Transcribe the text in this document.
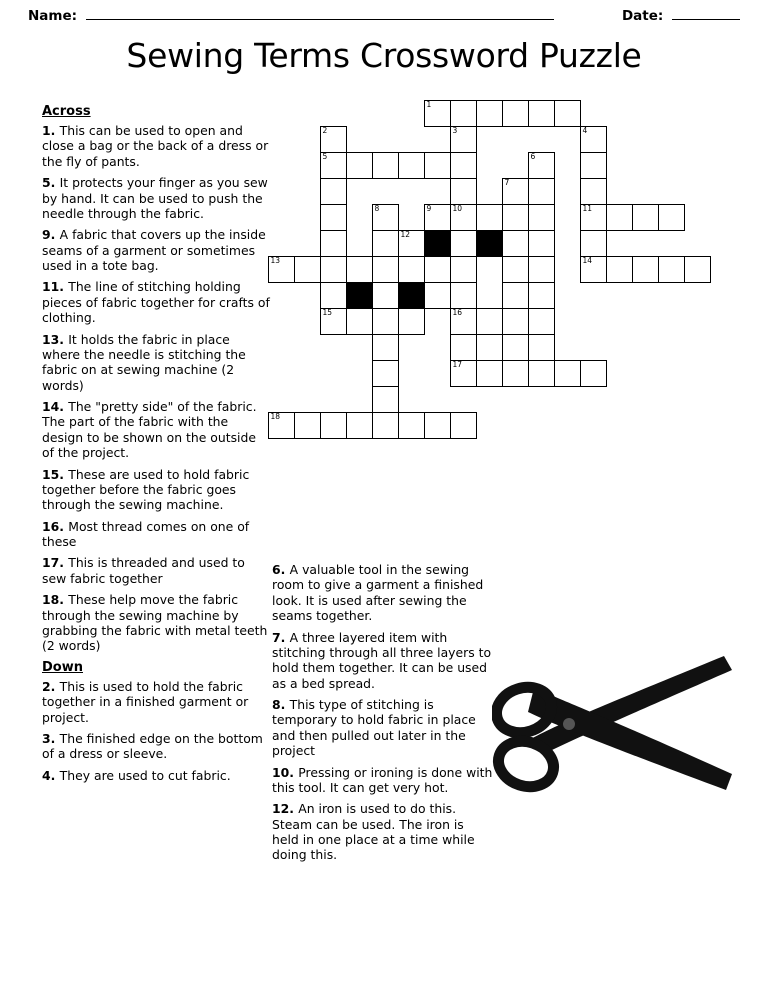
Name:	Date:
Sewing Terms Crossword Puzzle
1
2	3	4
5	6
7
8	9	10	11
12
13	14
15	16
17
18
Across
1. This can be used to open and close a bag or the back of a dress or the fly of pants.
5. It protects your finger as you sew by hand. It can be used to push the needle through the fabric.
9. A fabric that covers up the inside seams of a garment or sometimes used in a tote bag.
11. The line of stitching holding pieces of fabric together for crafts of clothing.
13. It holds the fabric in place where the needle is stitching the fabric on at sewing machine (2 words)
14. The "pretty side" of the fabric. The part of the fabric with the design to be shown on the outside of the project.
15. These are used to hold fabric together before the fabric goes through the sewing machine.
16. Most thread comes on one of these
17. This is threaded and used to sew fabric together
18. These help move the fabric through the sewing machine by grabbing the fabric with metal teeth (2 words)
Down
2. This is used to hold the fabric together in a finished garment or project.
3. The finished edge on the bottom of a dress or sleeve.
4. They are used to cut fabric.
6. A valuable tool in the sewing room to give a garment a finished look. It is used after sewing the seams together.
7. A three layered item with stitching through all three layers to hold them together. It can be used as a bed spread.
8. This type of stitching is temporary to hold fabric in place and then pulled out later in the project
10. Pressing or ironing is done with this tool. It can get very hot.
12. An iron is used to do this. Steam can be used. The iron is held in one place at a time while doing this.
